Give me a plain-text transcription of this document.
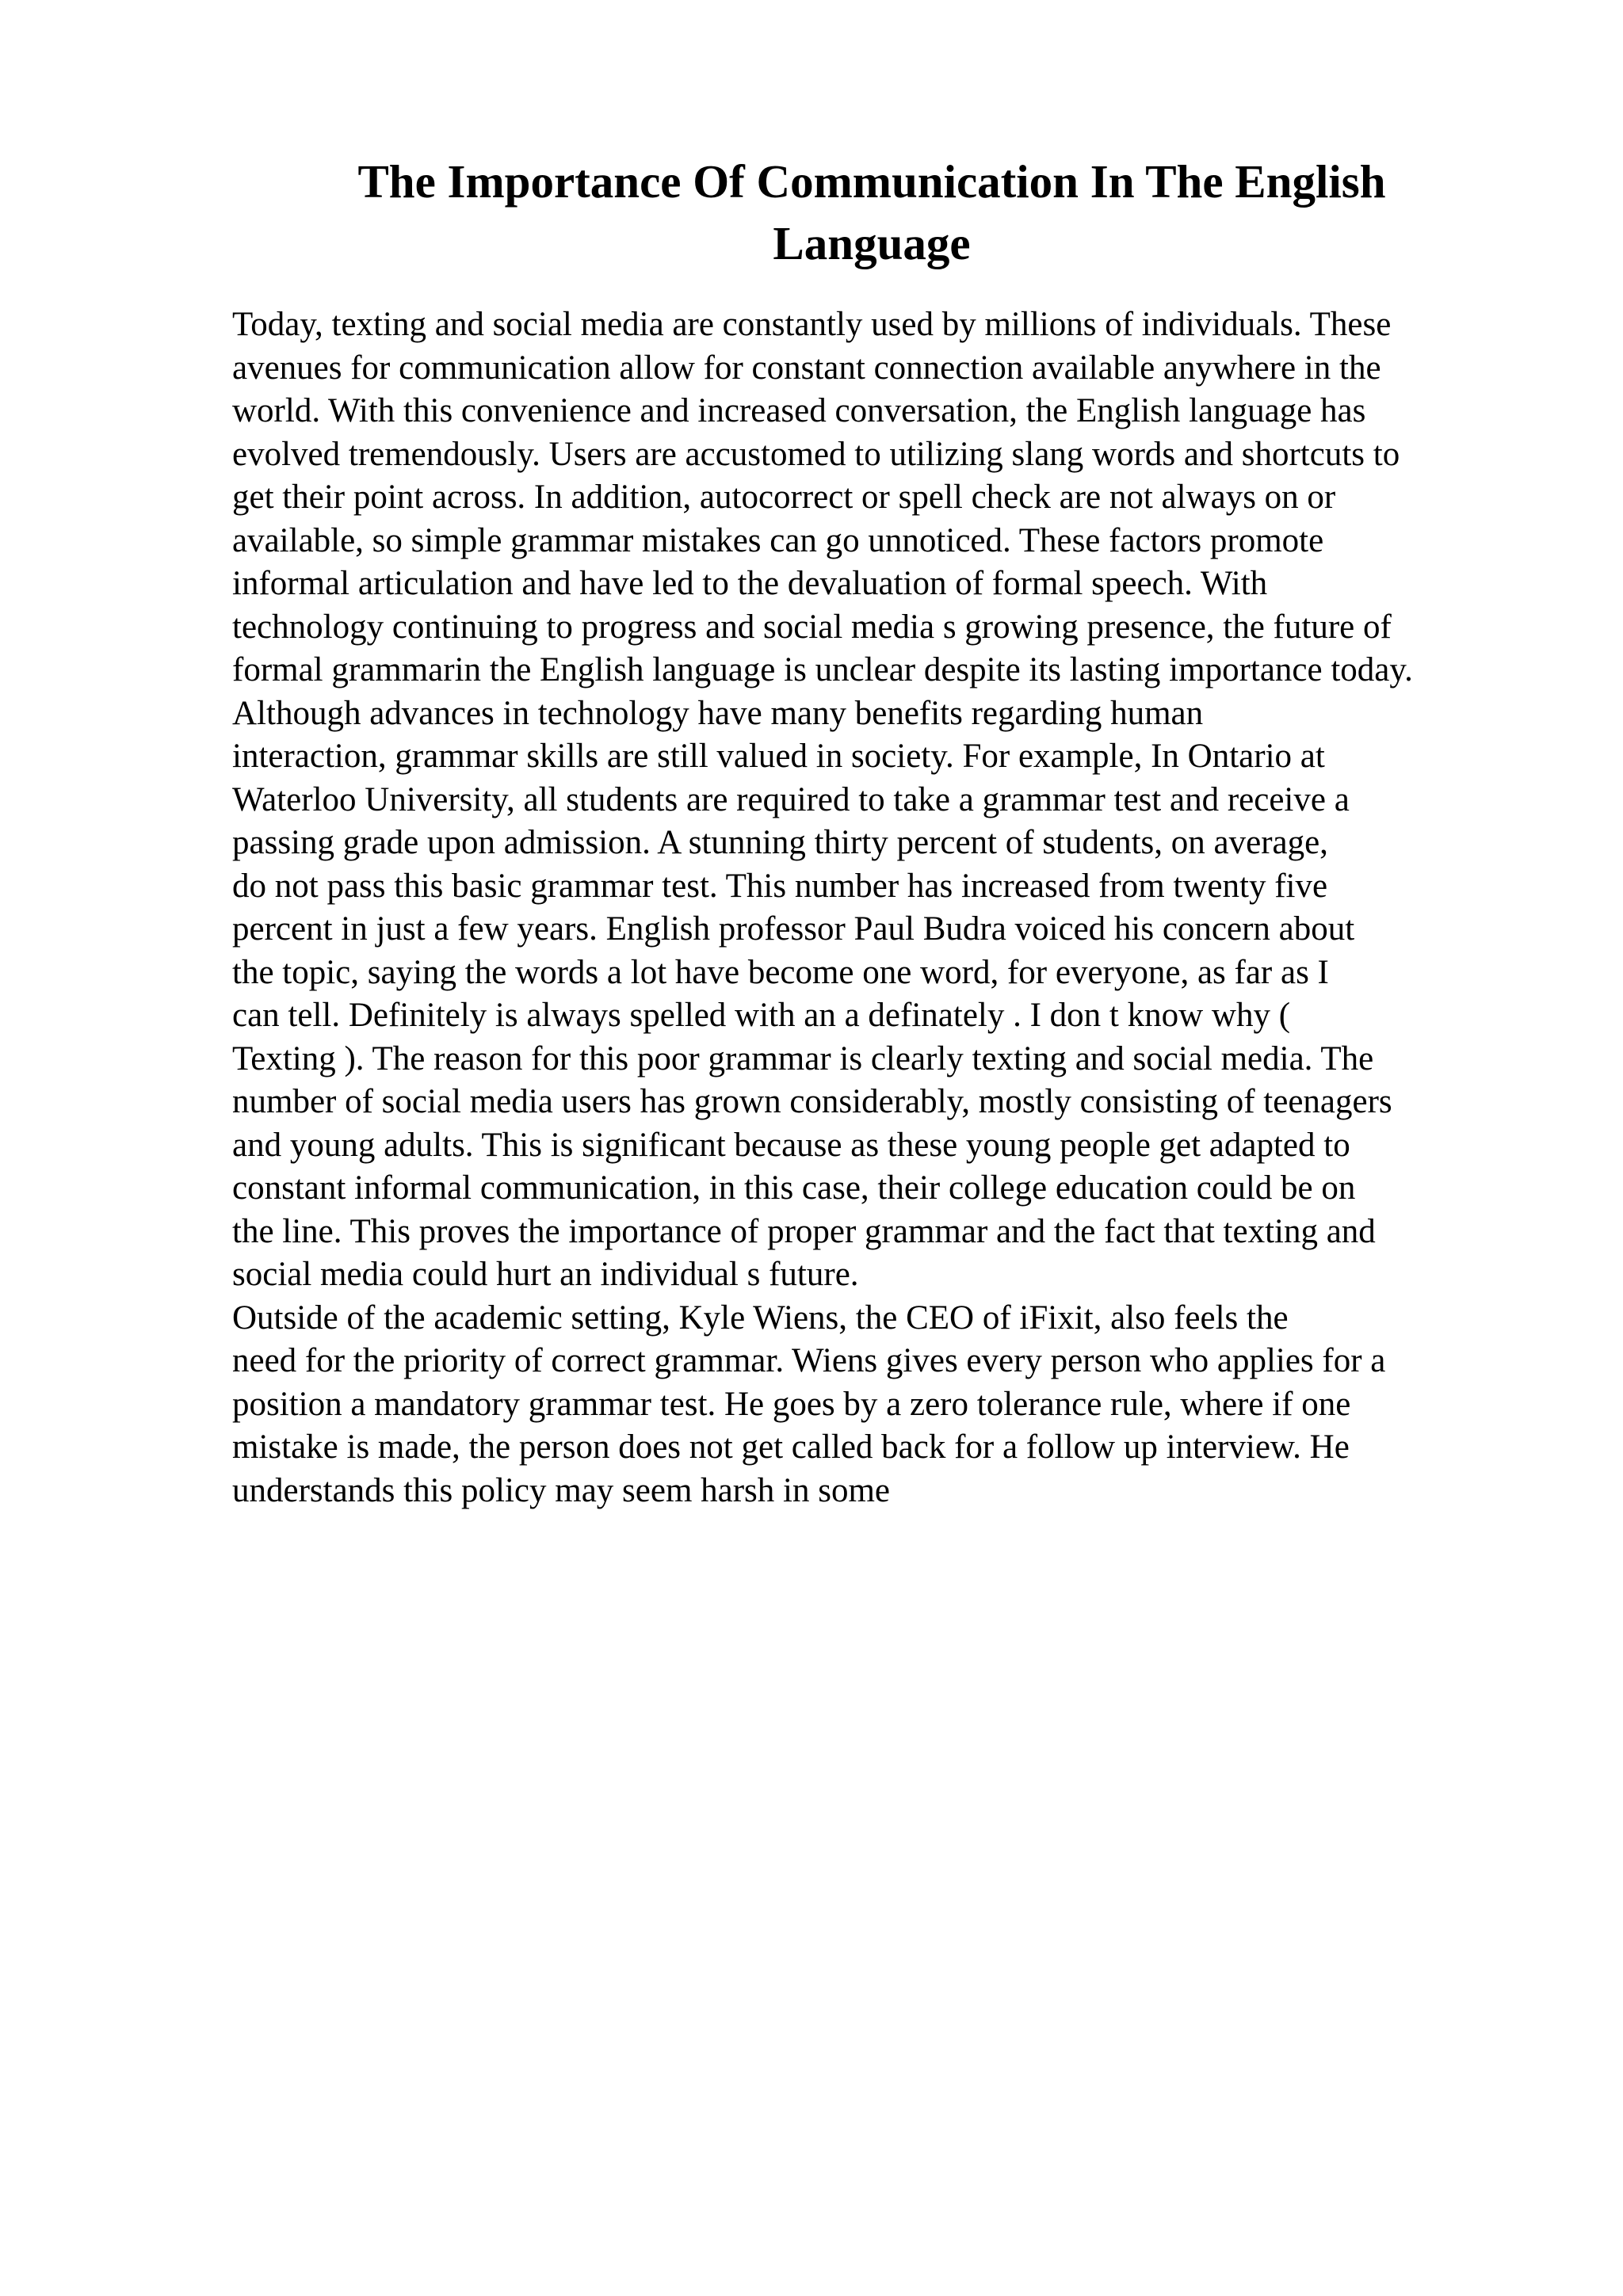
The Importance Of Communication In The English
Language
Today, texting and social media are constantly used by millions of individuals. These
avenues for communication allow for constant connection available anywhere in the
world. With this convenience and increased conversation, the English language has
evolved tremendously. Users are accustomed to utilizing slang words and shortcuts to
get their point across. In addition, autocorrect or spell check are not always on or
available, so simple grammar mistakes can go unnoticed. These factors promote
informal articulation and have led to the devaluation of formal speech. With
technology continuing to progress and social media s growing presence, the future of
formal grammarin the English language is unclear despite its lasting importance today.
Although advances in technology have many benefits regarding human
interaction, grammar skills are still valued in society. For example, In Ontario at
Waterloo University, all students are required to take a grammar test and receive a
passing grade upon admission. A stunning thirty percent of students, on average,
do not pass this basic grammar test. This number has increased from twenty five
percent in just a few years. English professor Paul Budra voiced his concern about
the topic, saying the words a lot have become one word, for everyone, as far as I
can tell. Definitely is always spelled with an a definately . I don t know why (
Texting ). The reason for this poor grammar is clearly texting and social media. The
number of social media users has grown considerably, mostly consisting of teenagers
and young adults. This is significant because as these young people get adapted to
constant informal communication, in this case, their college education could be on
the line. This proves the importance of proper grammar and the fact that texting and
social media could hurt an individual s future.
Outside of the academic setting, Kyle Wiens, the CEO of iFixit, also feels the
need for the priority of correct grammar. Wiens gives every person who applies for a
position a mandatory grammar test. He goes by a zero tolerance rule, where if one
mistake is made, the person does not get called back for a follow up interview. He
understands this policy may seem harsh in some
